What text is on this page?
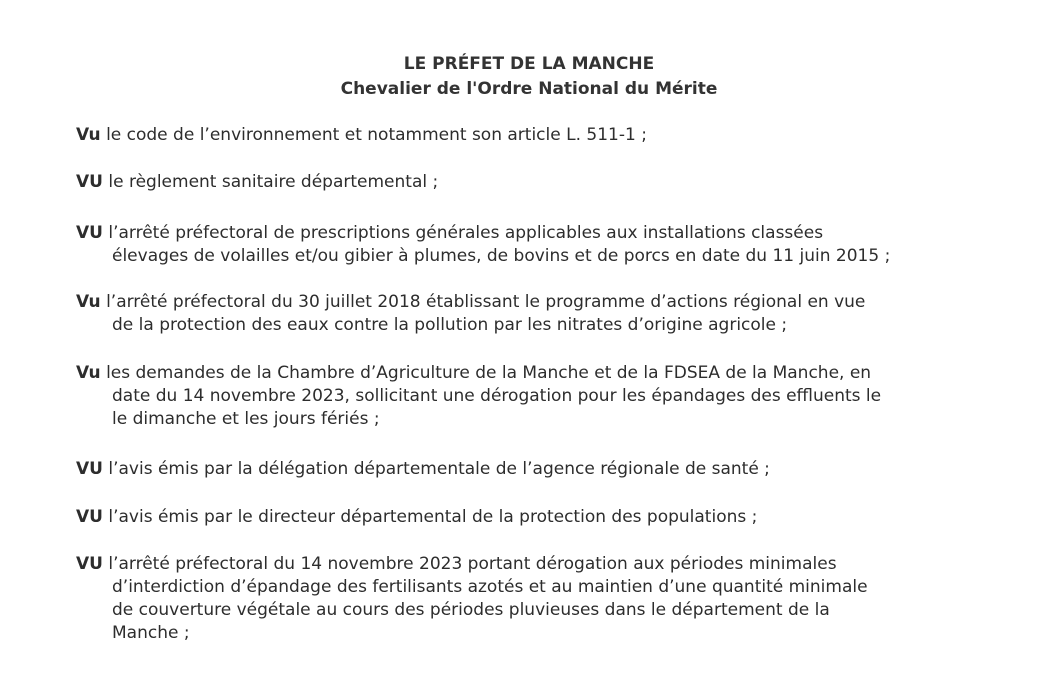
LE PRÉFET DE LA MANCHE
Chevalier de l'Ordre National du Mérite
Vu le code de l’environnement et notamment son article L. 511-1 ;
VU le règlement sanitaire départemental ;
VU l’arrêté préfectoral de prescriptions générales applicables aux installations classées
élevages de volailles et/ou gibier à plumes, de bovins et de porcs en date du 11 juin 2015 ;
Vu l’arrêté préfectoral du 30 juillet 2018 établissant le programme d’actions régional en vue
de la protection des eaux contre la pollution par les nitrates d’origine agricole ;
Vu les demandes de la Chambre d’Agriculture de la Manche et de la FDSEA de la Manche, en
date du 14 novembre 2023, sollicitant une dérogation pour les épandages des effluents le
le dimanche et les jours fériés ;
VU l’avis émis par la délégation départementale de l’agence régionale de santé ;
VU l’avis émis par le directeur départemental de la protection des populations ;
VU l’arrêté préfectoral du 14 novembre 2023 portant dérogation aux périodes minimales
d’interdiction d’épandage des fertilisants azotés et au maintien d’une quantité minimale
de couverture végétale au cours des périodes pluvieuses dans le département de la
Manche ;
